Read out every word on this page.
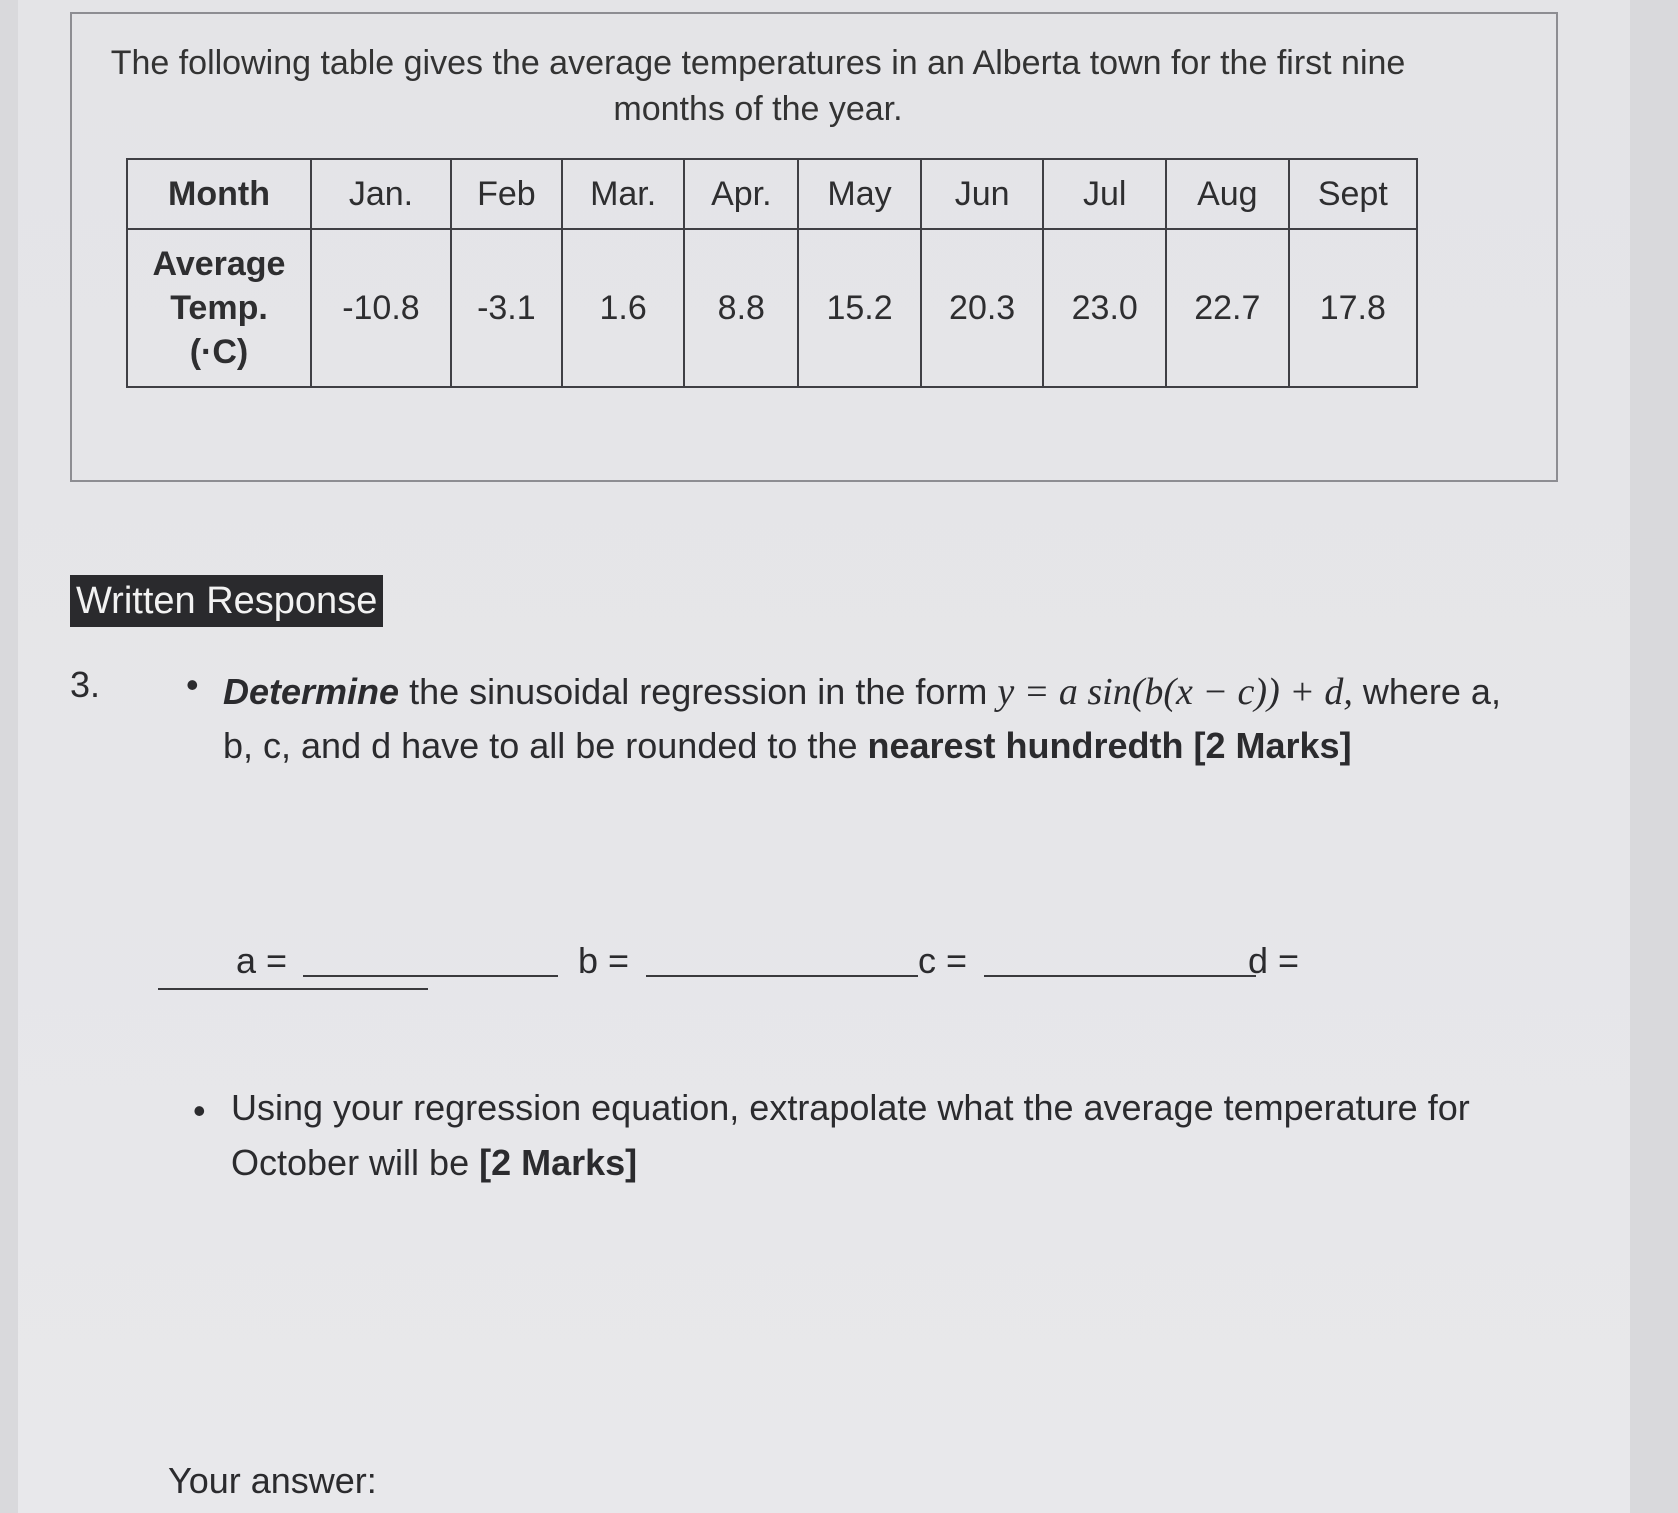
The following table gives the average temperatures in an Alberta town for the first nine months of the year.
Month	Jan.	Feb	Mar.	Apr.	May	Jun	Jul	Aug	Sept

Average
Temp.
(·C)	-10.8	-3.1	1.6	8.8	15.2	20.3	23.0	22.7	17.8
Written Response
3. • Determine the sinusoidal regression in the form y = a sin(b(x − c)) + d, where a, b, c, and d have to all be rounded to the nearest hundredth [2 Marks]
a =	b =	c =	d =
• Using your regression equation, extrapolate what the average temperature for October will be [2 Marks]
Your answer:
